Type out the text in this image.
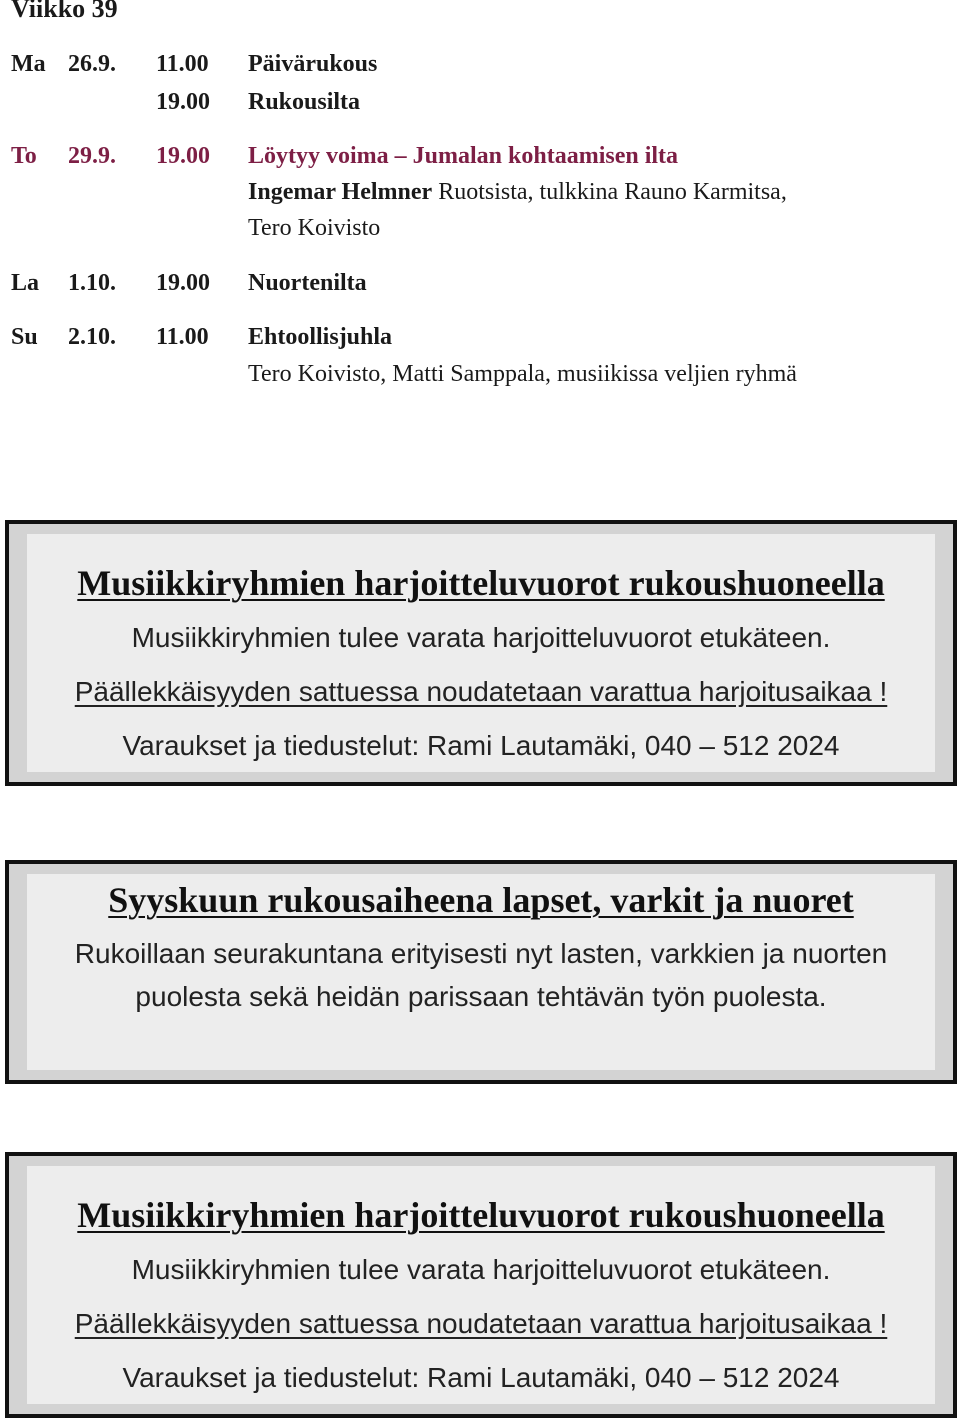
Viikko 39
Ma 26.9. 11.00 Päivärukous
19.00 Rukousilta
To 29.9. 19.00 Löytyy voima – Jumalan kohtaamisen ilta
Ingemar Helmner Ruotsista, tulkkina Rauno Karmitsa,
Tero Koivisto
La 1.10. 19.00 Nuortenilta
Su 2.10. 11.00 Ehtoollisjuhla
Tero Koivisto, Matti Samppala, musiikissa veljien ryhmä
Musiikkiryhmien harjoitteluvuorot rukoushuoneella
Musiikkiryhmien tulee varata harjoitteluvuorot etukäteen.
Päällekkäisyyden sattuessa noudatetaan varattua harjoitusaikaa !
Varaukset ja tiedustelut: Rami Lautamäki, 040 – 512 2024
Syyskuun rukousaiheena lapset, varkit ja nuoret
Rukoillaan seurakuntana erityisesti nyt lasten, varkkien ja nuorten
puolesta sekä heidän parissaan tehtävän työn puolesta.
Musiikkiryhmien harjoitteluvuorot rukoushuoneella
Musiikkiryhmien tulee varata harjoitteluvuorot etukäteen.
Päällekkäisyyden sattuessa noudatetaan varattua harjoitusaikaa !
Varaukset ja tiedustelut: Rami Lautamäki, 040 – 512 2024
